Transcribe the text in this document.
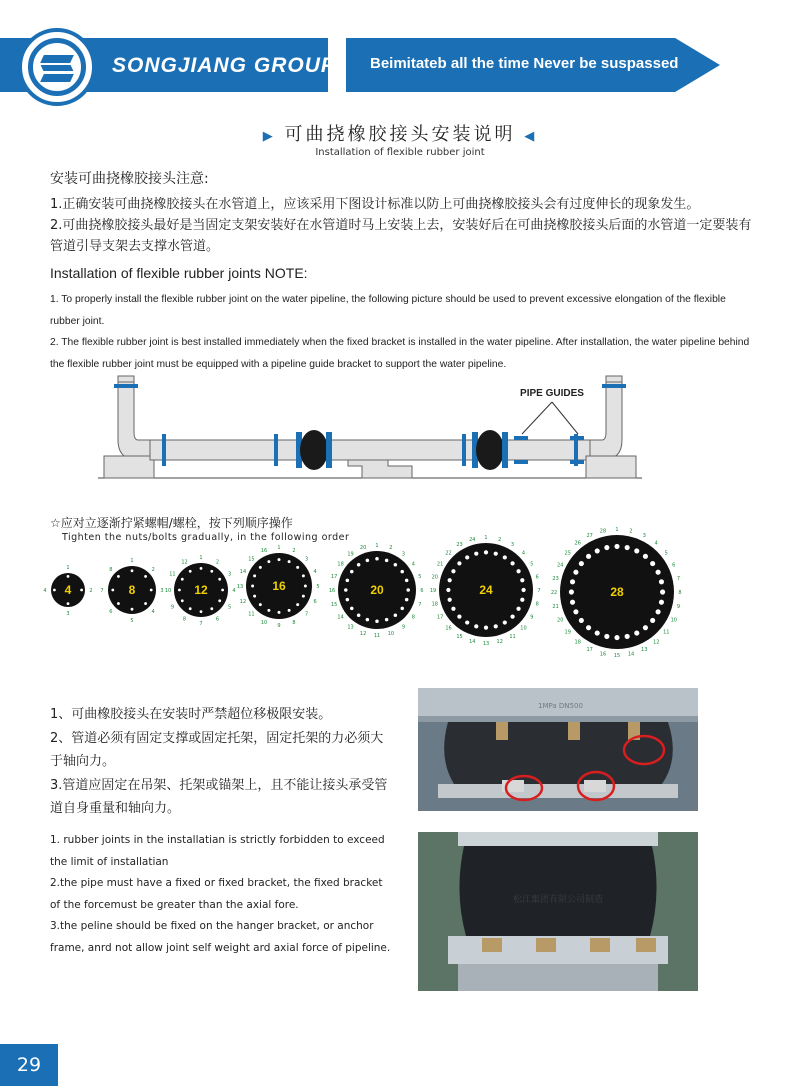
SONGJIANG GROUP Beimitateb all the time Never be suspassed
▶ 可曲挠橡胶接头安装说明 ◀
Installation of flexible rubber joint
安装可曲挠橡胶接头注意:

1.正确安装可曲挠橡胶接头在水管道上，应该采用下图设计标准以防上可曲挠橡胶接头会有过度伸长的现象发生。

2.可曲挠橡胶接头最好是当固定支架安装好在水管道时马上安装上去，安装好后在可曲挠橡胶接头后面的水管道一定要装有管道引导支架去支撑水管道。

Installation of flexible rubber joints NOTE:

1. To properly install the flexible rubber joint on the water pipeline, the following picture should be used to prevent excessive elongation of the flexible rubber joint.

2. The flexible rubber joint is best installed immediately when the fixed bracket is installed in the water pipeline. After installation, the water pipeline behind the flexible rubber joint must be equipped with a pipeline guide bracket to support the water pipeline.

PIPE GUIDES
☆应对立逐渐拧紧螺帽/螺栓，按下列顺序操作
Tighten the nuts/bolts gradually, in the following order
1
2
3
4 4
1
2
3
4
5
6
7
8
8
1
2
3
4
5
6
7
8
9
10
11
12
12
1 2
3
4
5
6
7
8
9
10
11
12
13
14
15
16
16
1 2
3
4
5
6
7
8
9
10
11
12
13
14
15
16
17
18
19
20
20
1 2
3
4
5
6
7
8
9
10
11
12
13
14
15
16
17
18
19
20
21
22
23
24
24
1 2
3
4
5
6
7
8
9
10
11
12
13
14
15
16
17
18
19
20
21
22
23
24
25
26
27
28
28

1、可曲橡胶接头在安装时严禁超位移极限安装。

2、管道必须有固定支撑或固定托架，固定托架的力必须大于轴向力。

3.管道应固定在吊架、托架或锚架上，且不能让接头承受管道自身重量和轴向力。

1. rubber joints in the installatian is strictly forbidden to exceed the limit of installatian

2.the pipe must have a fixed or fixed bracket, the fixed bracket of the forcemust be greater than the axial fore.

3.the peline should be fixed on the hanger bracket, or anchor frame, anrd not allow joint self weight ard axial force of pipeline.

1MPa DN500
松江集团有限公司制造
29
